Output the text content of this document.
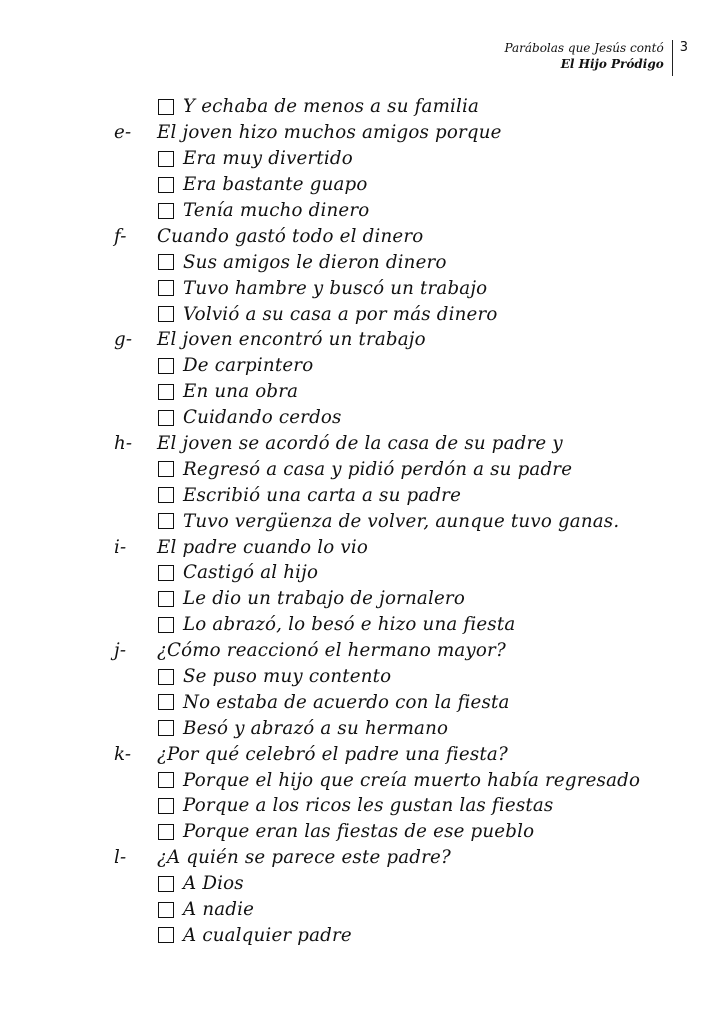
Parábolas que Jesús contó
El Hijo Pródigo
3
Y echaba de menos a su familia
e- El joven hizo muchos amigos porque
Era muy divertido
Era bastante guapo
Tenía mucho dinero
f- Cuando gastó todo el dinero
Sus amigos le dieron dinero
Tuvo hambre y buscó un trabajo
Volvió a su casa a por más dinero
g- El joven encontró un trabajo
De carpintero
En una obra
Cuidando cerdos
h- El joven se acordó de la casa de su padre y
Regresó a casa y pidió perdón a su padre
Escribió una carta a su padre
Tuvo vergüenza de volver, aunque tuvo ganas.
i- El padre cuando lo vio
Castigó al hijo
Le dio un trabajo de jornalero
Lo abrazó, lo besó e hizo una fiesta
j- ¿Cómo reaccionó el hermano mayor?
Se puso muy contento
No estaba de acuerdo con la fiesta
Besó y abrazó a su hermano
k- ¿Por qué celebró el padre una fiesta?
Porque el hijo que creía muerto había regresado
Porque a los ricos les gustan las fiestas
Porque eran las fiestas de ese pueblo
l- ¿A quién se parece este padre?
A Dios
A nadie
A cualquier padre
